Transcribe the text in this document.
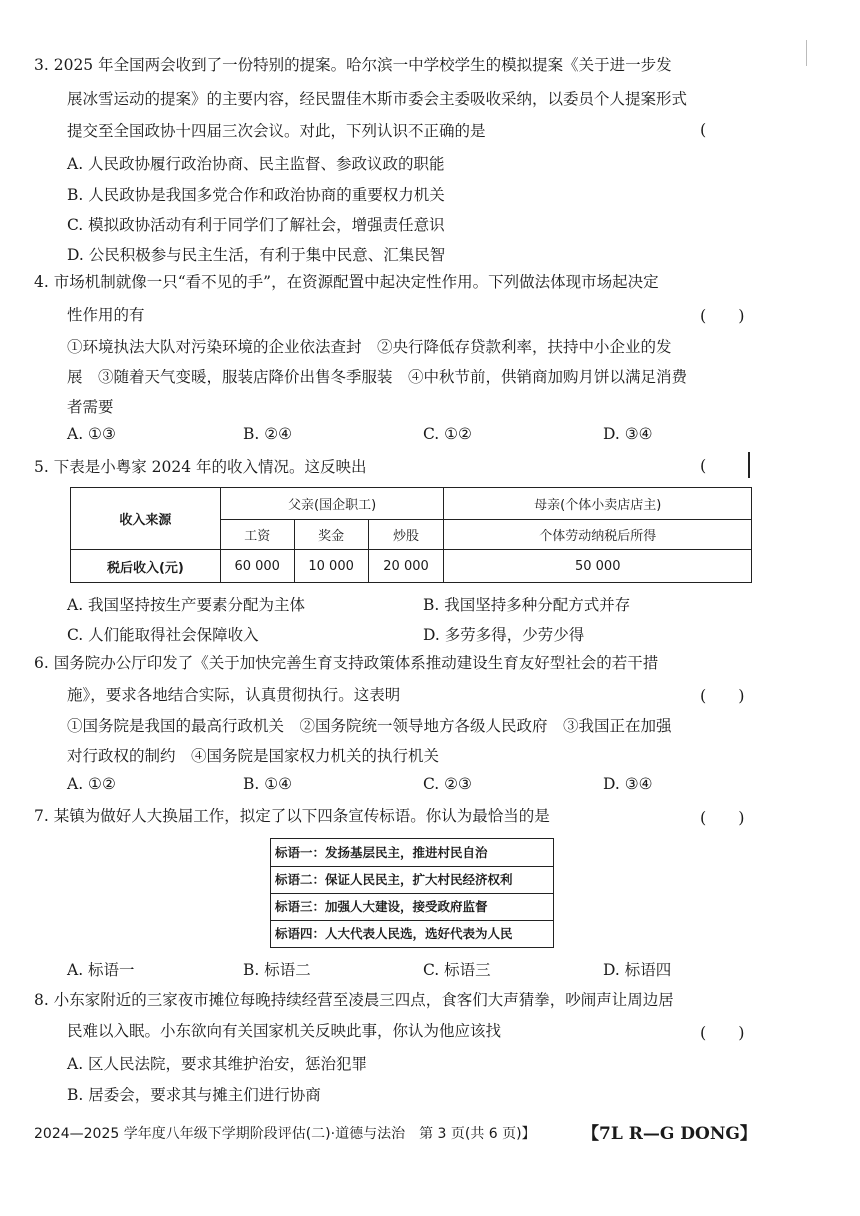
3. 2025 年全国两会收到了一份特别的提案。哈尔滨一中学校学生的模拟提案《关于进一步发
展冰雪运动的提案》的主要内容，经民盟佳木斯市委会主委吸收采纳，以委员个人提案形式
提交至全国政协十四届三次会议。对此，下列认识不正确的是	(
A. 人民政协履行政治协商、民主监督、参政议政的职能
B. 人民政协是我国多党合作和政治协商的重要权力机关
C. 模拟政协活动有利于同学们了解社会，增强责任意识
D. 公民积极参与民主生活，有利于集中民意、汇集民智
4. 市场机制就像一只“看不见的手”，在资源配置中起决定性作用。下列做法体现市场起决定
性作用的有	(　　)
①环境执法大队对污染环境的企业依法查封　②央行降低存贷款利率，扶持中小企业的发
展　③随着天气变暖，服装店降价出售冬季服装　④中秋节前，供销商加购月饼以满足消费
者需要
A. ①③	B. ②④	C. ①②	D. ③④
5. 下表是小粤家 2024 年的收入情况。这反映出	(
收入来源	父亲(国企职工)			母亲(个体小卖店店主)
	工资	奖金	炒股	个体劳动纳税后所得
税后收入(元)	60 000	10 000	20 000	50 000
A. 我国坚持按生产要素分配为主体	B. 我国坚持多种分配方式并存
C. 人们能取得社会保障收入	D. 多劳多得，少劳少得
6. 国务院办公厅印发了《关于加快完善生育支持政策体系推动建设生育友好型社会的若干措
施》，要求各地结合实际，认真贯彻执行。这表明	(　　)
①国务院是我国的最高行政机关　②国务院统一领导地方各级人民政府　③我国正在加强
对行政权的制约　④国务院是国家权力机关的执行机关
A. ①②	B. ①④	C. ②③	D. ③④
7. 某镇为做好人大换届工作，拟定了以下四条宣传标语。你认为最恰当的是	(　　)
标语一：发扬基层民主，推进村民自治
标语二：保证人民民主，扩大村民经济权利
标语三：加强人大建设，接受政府监督
标语四：人大代表人民选，选好代表为人民
A. 标语一	B. 标语二	C. 标语三	D. 标语四
8. 小东家附近的三家夜市摊位每晚持续经营至凌晨三四点，食客们大声猜拳，吵闹声让周边居
民难以入眠。小东欲向有关国家机关反映此事，你认为他应该找	(　　)
A. 区人民法院，要求其维护治安，惩治犯罪
B. 居委会，要求其与摊主们进行协商
2024—2025 学年度八年级下学期阶段评估(二)·道德与法治　第 3 页(共 6 页)】	【7L R—G DONG】
